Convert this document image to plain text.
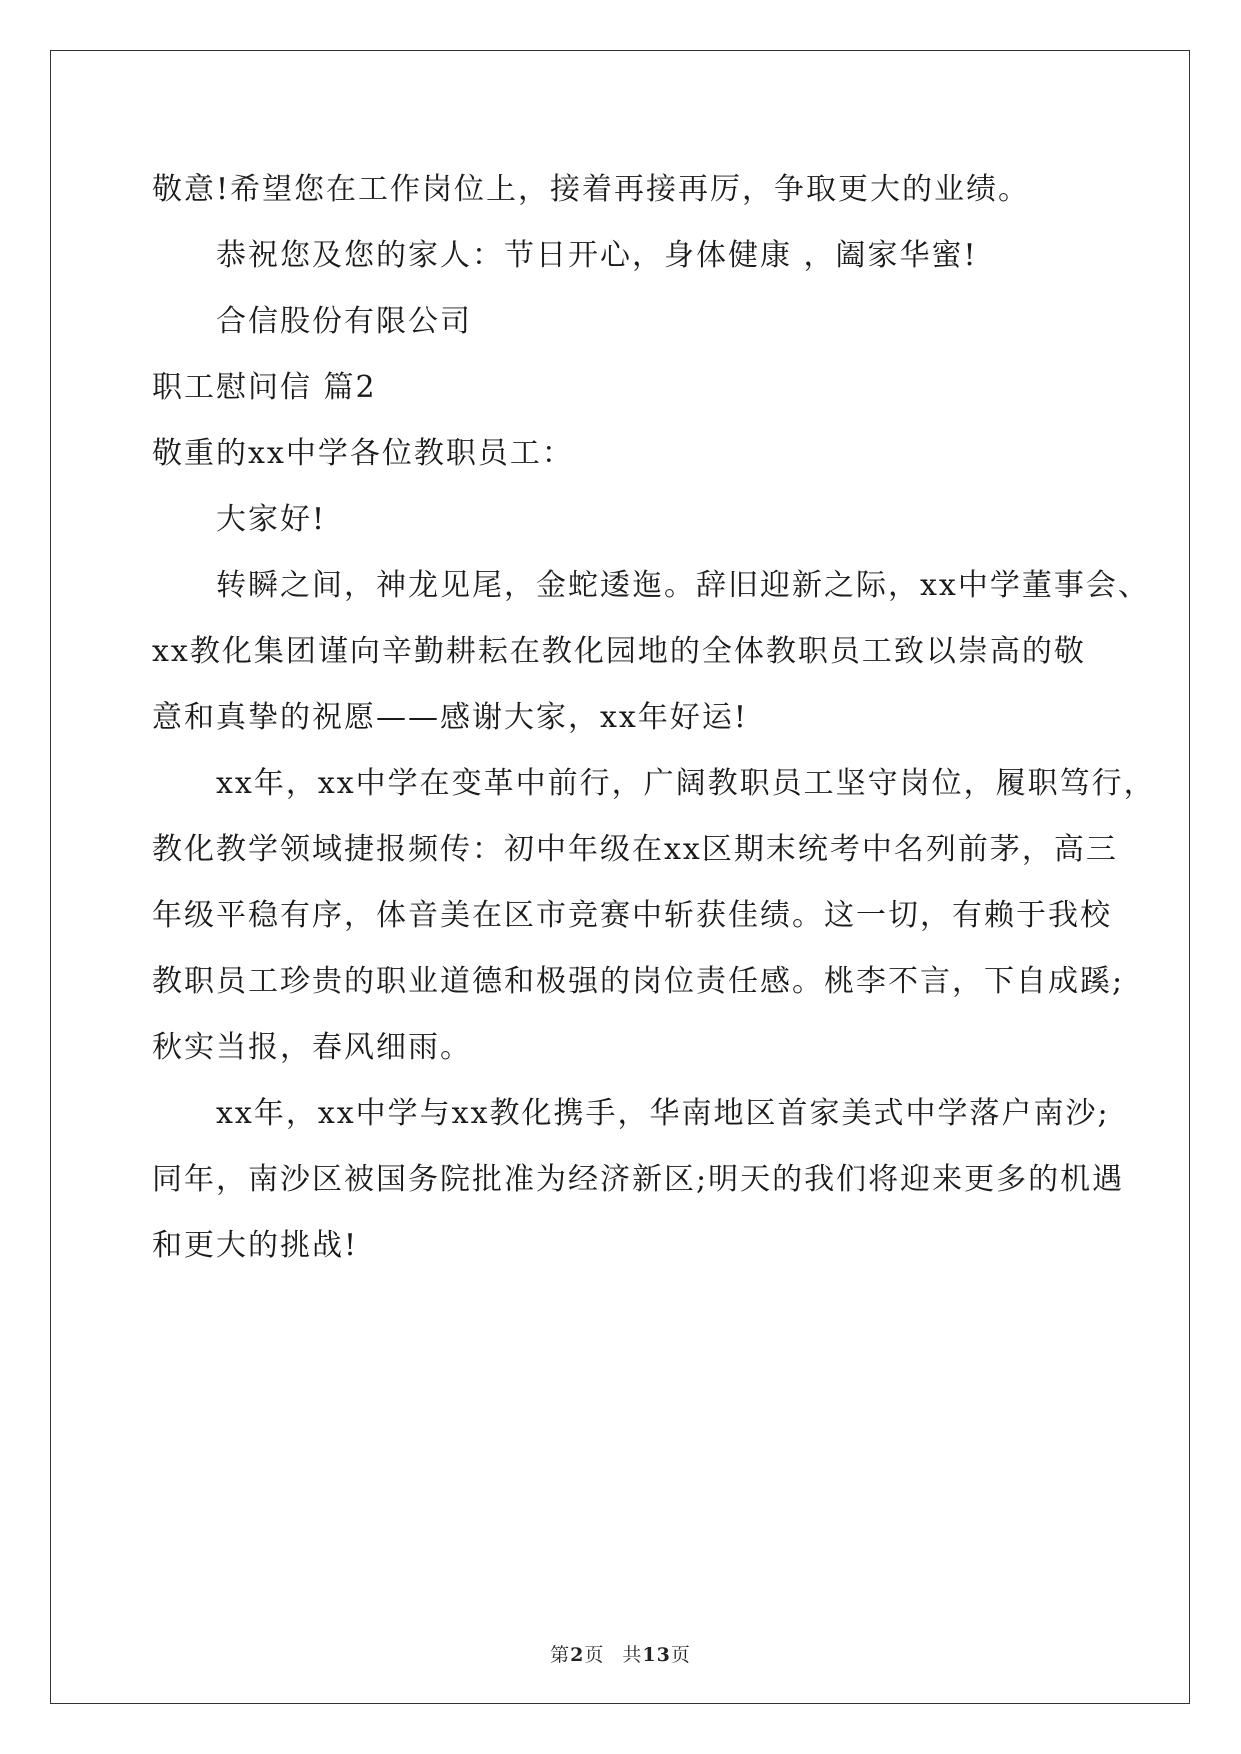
敬意!希望您在工作岗位上，接着再接再厉，争取更大的业绩。
恭祝您及您的家人：节日开心，身体健康 ，阖家华蜜!
合信股份有限公司
职工慰问信 篇2
敬重的xx中学各位教职员工：
大家好!
转瞬之间，神龙见尾，金蛇逶迤。辞旧迎新之际，xx中学董事会、
xx教化集团谨向辛勤耕耘在教化园地的全体教职员工致以崇高的敬
意和真挚的祝愿——感谢大家，xx年好运!
xx年，xx中学在变革中前行，广阔教职员工坚守岗位，履职笃行，
教化教学领域捷报频传：初中年级在xx区期末统考中名列前茅，高三
年级平稳有序，体音美在区市竞赛中斩获佳绩。这一切，有赖于我校
教职员工珍贵的职业道德和极强的岗位责任感。桃李不言，下自成蹊;
秋实当报，春风细雨。
xx年，xx中学与xx教化携手，华南地区首家美式中学落户南沙;
同年，南沙区被国务院批准为经济新区;明天的我们将迎来更多的机遇
和更大的挑战!
第2页 共13页
